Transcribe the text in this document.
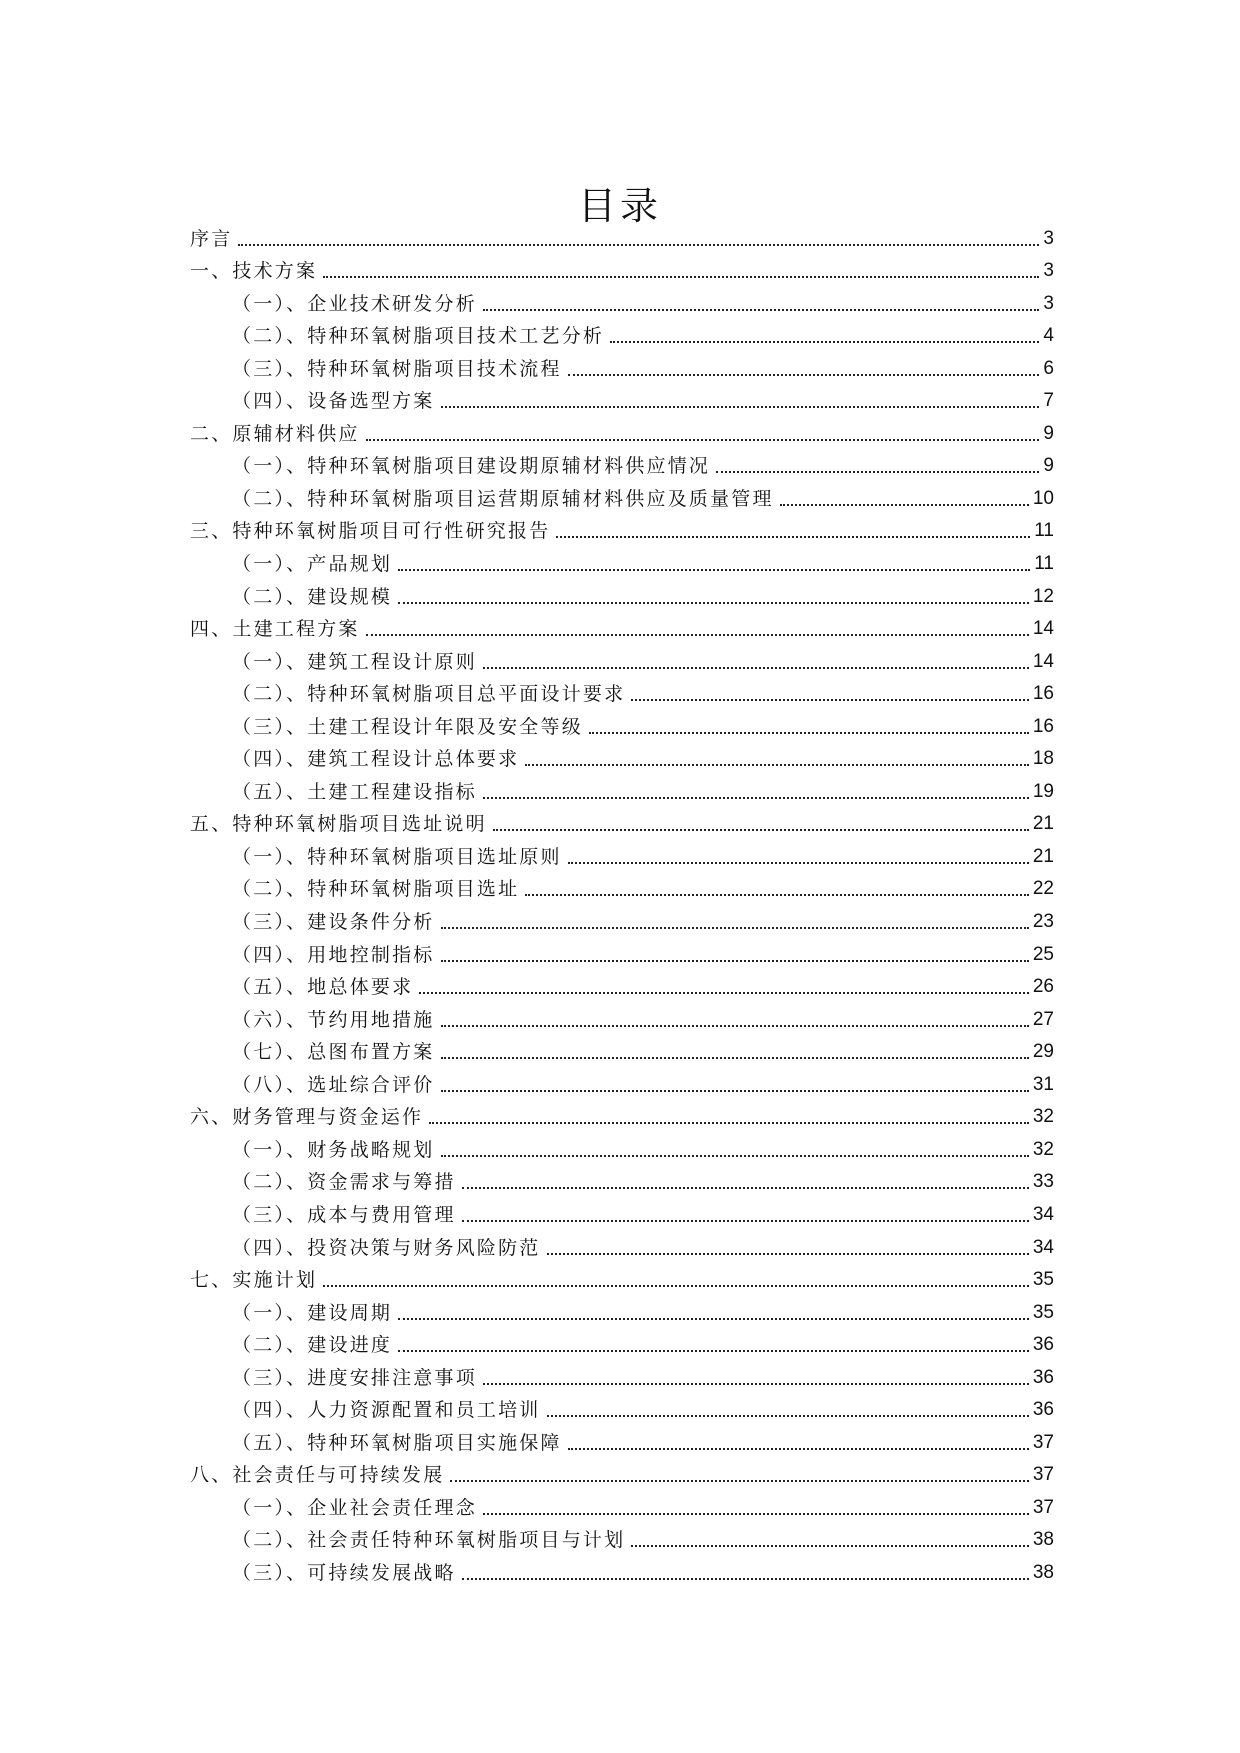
目录
序言	3
一、技术方案	3
（一）、企业技术研发分析	3
（二）、特种环氧树脂项目技术工艺分析	4
（三）、特种环氧树脂项目技术流程	6
（四）、设备选型方案	7
二、原辅材料供应	9
（一）、特种环氧树脂项目建设期原辅材料供应情况	9
（二）、特种环氧树脂项目运营期原辅材料供应及质量管理	10
三、特种环氧树脂项目可行性研究报告	11
（一）、产品规划	11
（二）、建设规模	12
四、土建工程方案	14
（一）、建筑工程设计原则	14
（二）、特种环氧树脂项目总平面设计要求	16
（三）、土建工程设计年限及安全等级	16
（四）、建筑工程设计总体要求	18
（五）、土建工程建设指标	19
五、特种环氧树脂项目选址说明	21
（一）、特种环氧树脂项目选址原则	21
（二）、特种环氧树脂项目选址	22
（三）、建设条件分析	23
（四）、用地控制指标	25
（五）、地总体要求	26
（六）、节约用地措施	27
（七）、总图布置方案	29
（八）、选址综合评价	31
六、财务管理与资金运作	32
（一）、财务战略规划	32
（二）、资金需求与筹措	33
（三）、成本与费用管理	34
（四）、投资决策与财务风险防范	34
七、实施计划	35
（一）、建设周期	35
（二）、建设进度	36
（三）、进度安排注意事项	36
（四）、人力资源配置和员工培训	36
（五）、特种环氧树脂项目实施保障	37
八、社会责任与可持续发展	37
（一）、企业社会责任理念	37
（二）、社会责任特种环氧树脂项目与计划	38
（三）、可持续发展战略	38
